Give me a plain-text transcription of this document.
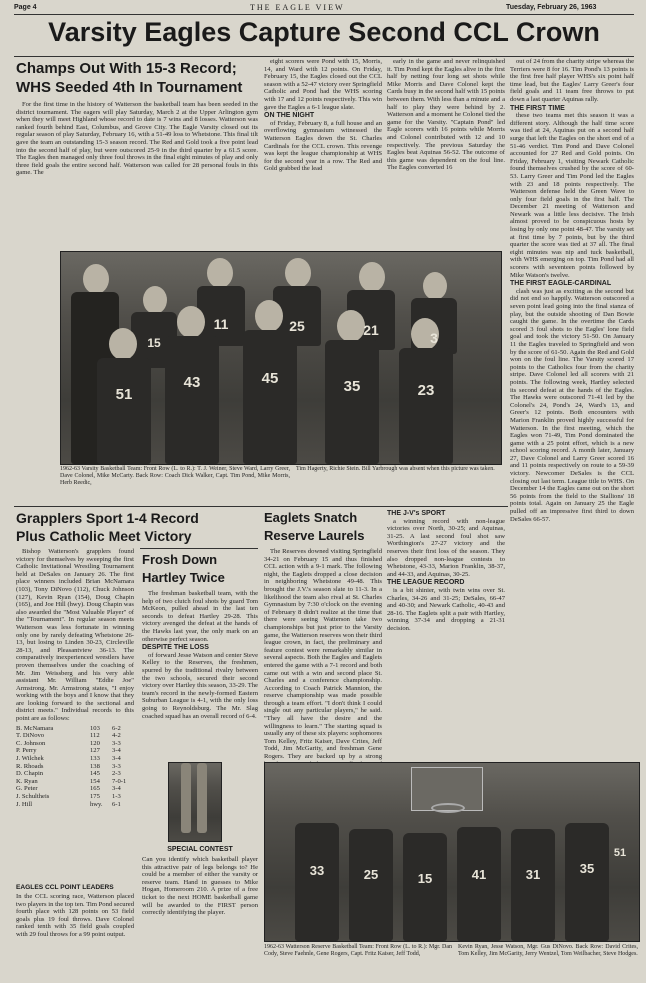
Page 4	THE EAGLE VIEW	Tuesday, February 26, 1963
Varsity Eagles Capture Second CCL Crown
Champs Out With 15-3 Record;
WHS Seeded 4th In Tournament

For the first time in the history of Watterson the basketball team has been seeded in the district tournament. The eagers will play Saturday, March 2 at the Upper Arlington gym when they will meet Highland whose record to date is 7 wins and 8 losses. Watterson was ranked fourth behind East, Columbus, and Grove City. The Eagle Varsity closed out its regular season of play Saturday, February 16, with a 51-49 loss to Whetstone. This final tilt gave the team an outstanding 15-3 season record. The Red and Gold took a five point lead into the second half of play, but were outscored 25-9 in the third quarter by a 61.5 score. The Eagles then managed only three foul throws in the final eight minutes of play and only three field goals the entire second half. Watterson was called for 28 personal fouls in this game. The

eight scorers were Pond with 15, Morris, 14, and Ward with 12 points. On Friday, February 15, the Eagles closed out the CCL season with a 52-47 victory over Springfield Catholic and Pond had the WHS scoring with 17 and 12 points respectively. This win gave the Eagles a 6-1 league slate.

ON THE NIGHT

of Friday, February 8, a full house and an overflowing gymnasium witnessed the Watterson Eagles down the St. Charles Cardinals for the CCL crown. This revenge was kept the league championship at WHS for the second year in a row. The Red and Gold grabbed the lead

early in the game and never relinquished it. Tim Pond kept the Eagles alive in the first half by netting four long set shots while Mike Morris and Dave Colonel kept the Cards busy in the second half with 15 points between them. With less than a minute and a half to play they were behind by 2. Watterson and a moment he Colonel tied the game for the Varsity. "Captain Pond" led Eagle scorers with 16 points while Morris and Colonel contributed with 12 and 10 respectively. The previous Saturday the Eagles beat Aquinas 56-52. The outcome of this game was dependent on the foul line. The Eagles converted 16

out of 24 from the charity stripe whereas the Terriers were 8 for 16. Tim Pond's 13 points is the first free half player WHS's six point half time lead, but the Eagles' Larry Greer's four field goals and 11 team free throws to put down a last quarter Aquinas rally.

THE FIRST TIME

these two teams met this season it was a different story. Although the half time score was tied at 24, Aquinas put on a second half surge that left the Eagles on the short end of a 51-46 verdict. Tim Pond and Dave Colonel accounted for 27 Red and Gold points. On Friday, February 1, visiting Newark Catholic found themselves crushed by the score of 60-53. Larry Greer and Tim Pond led the Eagles with 23 and 18 points respectively. The Watterson defense held the Green Wave to only four field goals in the first half. The December 21 meeting of Watterson and Newark was a little less decisive. The Irish almost proved to be conspicuous hosts by losing by only one point 48-47. The varsity set at first time by 7 points, but by the third quarter the score was tied at 37 all. The final eight minutes was nip and tuck basketball, with WHS emerging on top. Tim Pond had all scorers with seventeen points followed by Mike Watson's twelve.

THE FIRST EAGLE-CARDINAL

clash was just as exciting as the second but did not end so happily. Watterson outscored a seven point lead going into the final stanza of play, but the outside shooting of Dan Bowie caught the game. In the overtime the Cards scored 3 foul shots to the Eagles' lone field goal and took the victory 51-50. On January 11 the Eagles traveled to Springfield and won by the score of 61-50. Again the Red and Gold won on the foul line. The Varsity scored 17 points to the Catholics four from the charity stripe. Dave Colonel led all scorers with 21 points. The following week, Hartley selected its second defeat at the hands of the Eagles. The Hawks were outscored 71-41 led by the Colonel's 24, Pond's 24, Ward's 13, and Greer's 12 points. Both encounters with Marion Franklin proved highly successful for Watterson. In the first meeting, which the Eagles won 71-49, Tim Pond dominated the game with a 25 point effort, which is a new school scoring record. A month later, January 27, Dave Colonel and Larry Greer scored 16 and 11 points respectively on route to a 59-39 victory. Newcomer DeSales is the CCL closing out last term. League title to WHS. On December 14 the Eagles came out on the short 56 points from the field to the Stallions' 18 points total. Again on January 25 the Eagle pulled off an impressive first third to down DeSales 66-57.

11	25	21	3
15
51
43	45	35	23
1962-63 Varsity Basketball Team: Front Row (L. to R.): T. J. Weiner, Steve Ward, Larry Greer, Dave Colonel, Mike McCarty. Back Row: Coach Dick Walker, Capt. Tim Pond, Mike Morris, Herb Reedic,
Tim Hagerty, Richie Stein. Bill Yarbrough was absent when this picture was taken.
Grapplers Sport 1-4 Record
Plus Catholic Meet Victory

Bishop Watterson's grapplers found victory for themselves by sweeping the first Catholic Invitational Wrestling Tournament held at DeSales on January 26. The first place winners included Brian McNamara (103), Tony DiNovo (112), Chuck Johnson (127), Kevin Ryan (154), Doug Chapin (165), and Joe Hill (hwy). Doug Chapin was also awarded the "Most Valuable Player" of the "Tournament". In regular season meets Watterson was less fortunate in winning only one by rarely defeating Whetstone 26-13, but losing to Linden 30-23, Circleville 28-13, and Pleasantview 36-13. The comparatively inexperienced wrestlers have proven themselves under the coaching of Mr. Jim Weissberg and his very able assistant Mr. William "Eddie Joe" Armstrong. Mr. Armstrong states, "I enjoy working with the boys and I know that they are looking forward to the sectional and district meets." Individual records to this point are as follows:

B. McNamara	103	6-2
T. DiNovo	112	4-2
C. Johnson	120	3-3
P. Perry	127	3-4
J. Wilchek	133	3-4
R. Rhoads	138	3-3
D. Chapin	145	2-3
K. Ryan	154	7-0-1
G. Peter	165	3-4
J. Schultheis	175	1-3
J. Hill	hwy.	6-1
EAGLES CCL POINT LEADERS
In the CCL scoring race, Watterson placed two players in the top ten. Tim Pond secured fourth place with 128 points on 53 field goals plus 19 foul throws. Dave Colonel ranked tenth with 35 field goals coupled with 29 foul throws for a 99 point output.
Frosh Down
Hartley Twice

The freshman basketball team, with the help of two clutch foul shots by guard Tom McKeon, pulled ahead in the last ten seconds to defeat Hartley 29-28. This victory avenged the defeat at the hands of the Hawks last year, the only mark on an otherwise perfect season.

DESPITE THE LOSS

of forward Jesse Watson and center Steve Kelley to the Reserves, the freshmen, spurred by the traditional rivalry between the two schools, secured their second victory over Hartley this season, 33-29. The team's record in the newly-formed Eastern Suburban League is 4-1, with the only loss going to Reynoldsburg. The Mr. Slag coached squad has an overall record of 6-4.

SPECIAL CONTEST
Can you identify which basketball player this attractive pair of legs belongs to? He could be a member of either the varsity or reserve team. Hand in guesses to Mike Hogan, Homeroom 210. A prize of a free ticket to the next HOME basketball game will be awarded to the FIRST person correctly identifying the player.
Eaglets Snatch
Reserve Laurels

The Reserves downed visiting Springfield 34-21 on February 15 and thus finished CCL action with a 9-1 mark. The following night, the Eaglets dropped a close decision in neighboring Whetstone 49-48. This brought the J.V.'s season slate to 11-3. In a likelihood the team also rival at St. Charles Gymnasium by 7:30 o'clock on the evening of February 8 didn't realize at the time that there were seeing Watterson take two championships but just prior to the Varsity game, the Watterson reserves won their third league crown, in fact, the preliminary and feature contest were remarkably similar in several aspects. Both the Eagles and Eaglets entered the game with a 7-1 record and both came out with a win and second place St. Charles and a conference championship. According to Coach Patrick Mannion, the reserve championship was made possible through a team effort. "I don't think I could single out any particular players," he said. "They all have the desire and the willingness to learn." The starting squad is usually any of these six players: sophomores Tom Kelley, Fritz Kaiser, Dave Crites, Jeff Todd, Jim McGarity, and freshman Gene Rogers. They are backed up by a strong

THE J-V's SPORT

a winning record with non-league victories over North, 30-25; and Aquinas, 31-25. A last second foul shot saw Worthington's 27-27 victory and the reserves their first loss of the season. They also dropped non-league contests to Whetstone, 43-33, Marion Franklin, 38-37, and 44-33, and Aquinas, 30-25.

THE LEAGUE RECORD

is a bit shinier, with twin wins over St. Charles, 34-26 and 31-25; DeSales, 66-47 and 40-30; and Newark Catholic, 40-43 and 28-16. The Eaglets split a pair with Hartley, winning 37-34 and dropping a 21-31 decision.

33	25	15	41	31	35
51
1962-63 Watterson Reserve Basketball Team: Front Row (L. to R.): Mgr. Dan Cody, Steve Faehnle, Gene Rogers, Capt. Fritz Kaiser, Jeff Todd,
Kevin Ryan, Jesse Watson, Mgr. Gus DiNovo. Back Row: David Crites, Tom Kelley, Jim McGarity, Jerry Wentzel, Tom Weilbacher, Steve Hodges.
